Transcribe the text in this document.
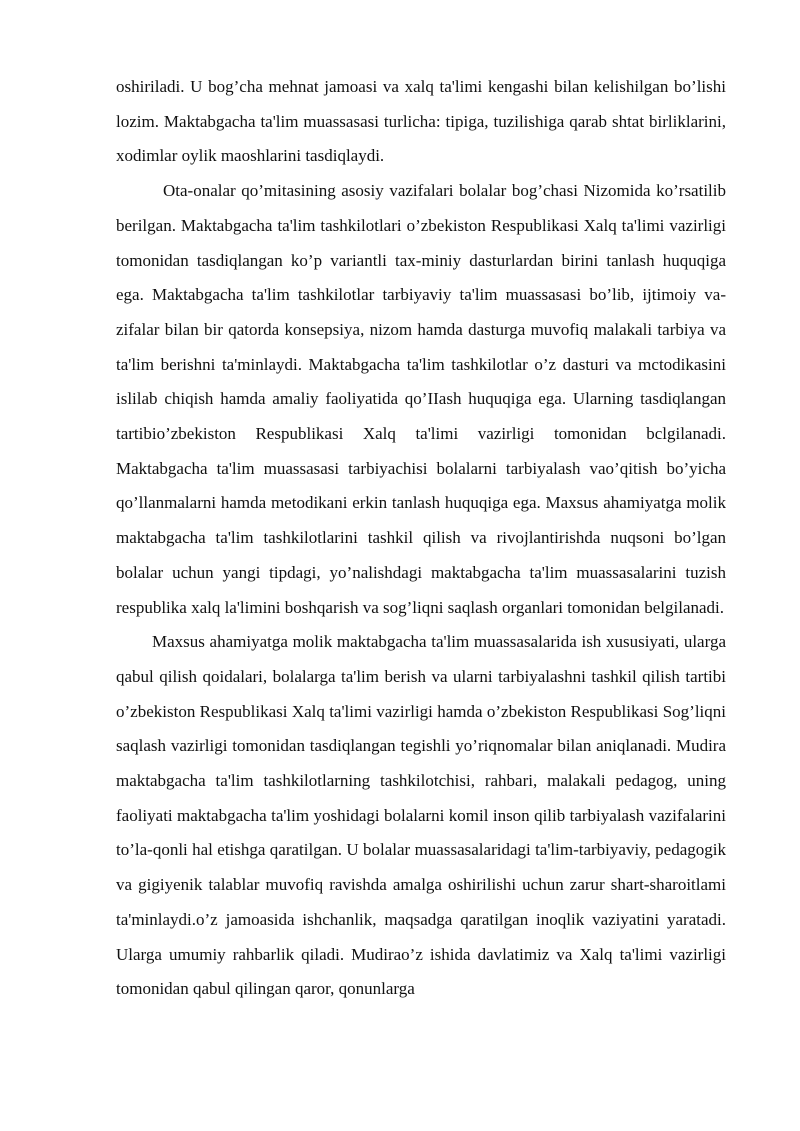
oshiriladi. U bog’cha mehnat jamoasi va xalq ta'limi kengashi bilan kelishilgan bo’lishi lozim. Maktabgacha ta'lim muassasasi turlicha: tipiga, tuzilishiga qarab shtat birliklarini, xodimlar oylik maoshlarini tasdiqlaydi.

Ota-onalar qo’mitasining asosiy vazifalari bolalar bog’chasi Nizomida ko’rsatilib berilgan. Maktabgacha ta'lim tashkilotlari o’zbekiston Respublikasi Xalq ta'limi vazirligi tomonidan tasdiqlangan ko’p variantli tax-miniy dasturlardan birini tanlash huquqiga ega. Maktabgacha ta'lim tashkilotlar tarbiyaviy ta'lim muassasasi bo’lib, ijtimoiy va-zifalar bilan bir qatorda konsepsiya, nizom hamda dasturga muvofiq malakali tarbiya va ta'lim berishni ta'minlaydi. Maktabgacha ta'lim tashkilotlar o’z dasturi va mctodikasini islilab chiqish hamda amaliy faoliyatida qo’IIash huquqiga ega. Ularning tasdiqlangan tartibio’zbekiston Respublikasi Xalq ta'limi vazirligi tomonidan bclgilanadi. Maktabgacha ta'lim muassasasi tarbiyachisi bolalarni tarbiyalash vao’qitish bo’yicha qo’llanmalarni hamda metodikani erkin tanlash huquqiga ega. Maxsus ahamiyatga molik maktabgacha ta'lim tashkilotlarini tashkil qilish va rivojlantirishda nuqsoni bo’lgan bolalar uchun yangi tipdagi, yo’nalishdagi maktabgacha ta'lim muassasalarini tuzish respublika xalq la'limini boshqarish va sog’liqni saqlash organlari tomonidan belgilanadi.

Maxsus ahamiyatga molik maktabgacha ta'lim muassasalarida ish xususiyati, ularga qabul qilish qoidalari, bolalarga ta'lim berish va ularni tarbiyalashni tashkil qilish tartibi o’zbekiston Respublikasi Xalq ta'limi vazirligi hamda o’zbekiston Respublikasi Sog’liqni saqlash vazirligi tomonidan tasdiqlangan tegishli yo’riqnomalar bilan aniqlanadi. Mudira maktabgacha ta'lim tashkilotlarning tashkilotchisi, rahbari, malakali pedagog, uning faoliyati maktabgacha ta'lim yoshidagi bolalarni komil inson qilib tarbiyalash vazifalarini to’la-qonli hal etishga qaratilgan. U bolalar muassasalaridagi ta'lim-tarbiyaviy, pedagogik va gigiyenik talablar muvofiq ravishda amalga oshirilishi uchun zarur shart-sharoitlami ta'minlaydi.o’z jamoasida ishchanlik, maqsadga qaratilgan inoqlik vaziyatini yaratadi. Ularga umumiy rahbarlik qiladi. Mudirao’z ishida davlatimiz va Xalq ta'limi vazirligi tomonidan qabul qilingan qaror, qonunlarga
